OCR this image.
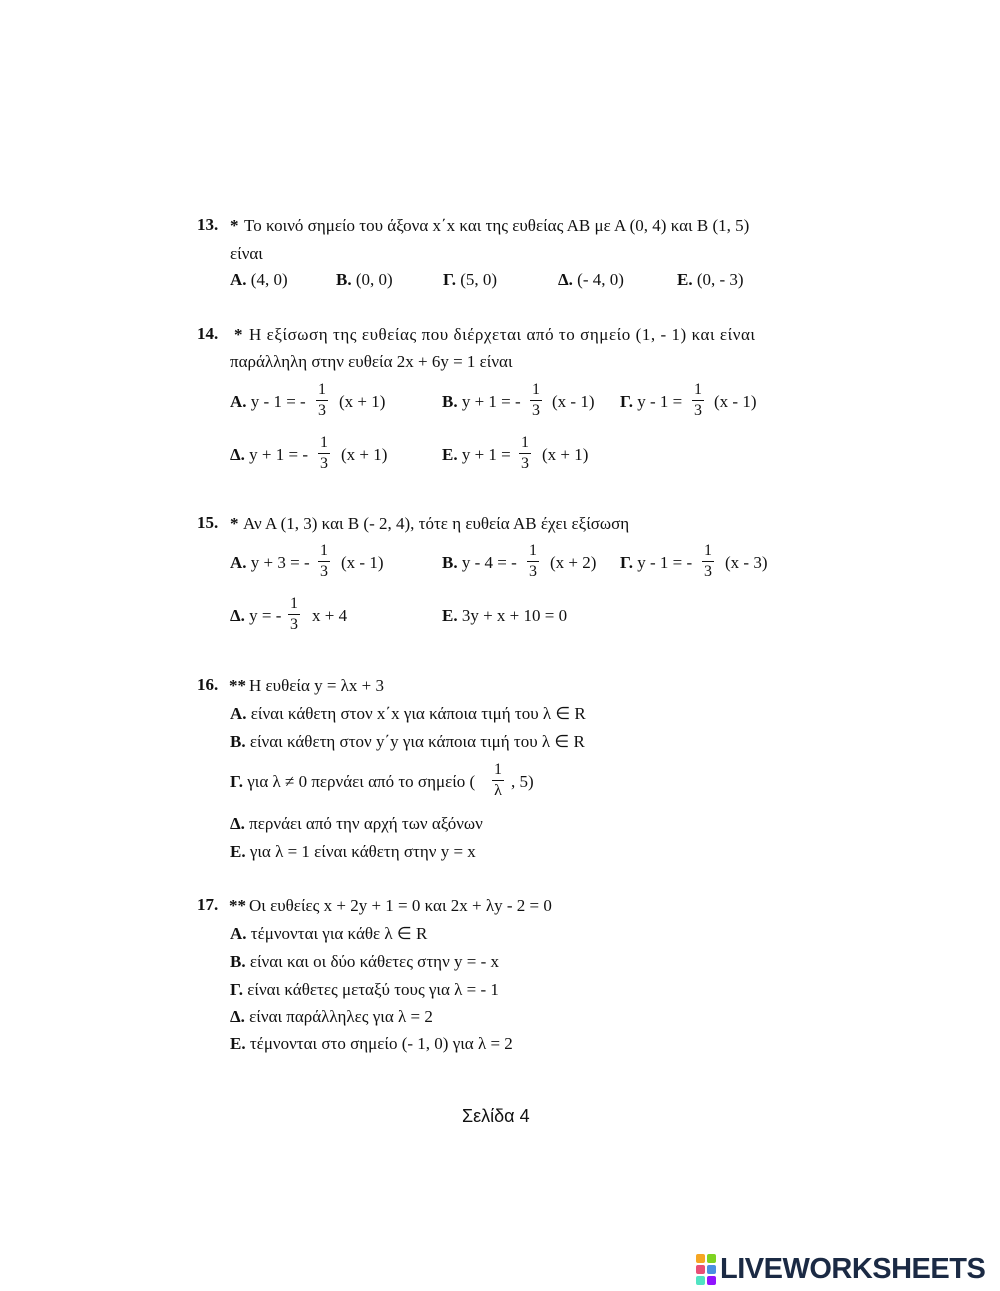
13. * Το κοινό σημείο του άξονα x΄x και της ευθείας ΑΒ με Α (0, 4) και Β (1, 5)
είναι
Α. (4, 0)	Β. (0, 0)	Γ. (5, 0)	Δ. (- 4, 0)	Ε. (0, - 3)
14. * Η εξίσωση της ευθείας που διέρχεται από το σημείο (1, - 1) και είναι
παράλληλη στην ευθεία 2x + 6y = 1 είναι
Α. y - 1 = -
1
3 (x + 1)	Β. y + 1 = -
1
3 (x - 1) Γ. y - 1 =
1
3 (x - 1)
Δ. y + 1 = -
1
3 (x + 1)	Ε. y + 1 =
1
3 (x + 1)
15. * Αν Α (1, 3) και Β (- 2, 4), τότε η ευθεία ΑΒ έχει εξίσωση
Α. y + 3 = -
1
3 (x - 1)	Β. y - 4 = -
1
3 (x + 2) Γ. y - 1 = -
1
3 (x - 3)
Δ. y = -
1
3 x + 4	Ε. 3y + x + 10 = 0
16. ** Η ευθεία y = λx + 3
Α. είναι κάθετη στον x΄x για κάποια τιμή του λ ∈ R
Β. είναι κάθετη στον y΄y για κάποια τιμή του λ ∈ R
Γ. για λ ≠ 0 περνάει από το σημείο (
1
λ , 5)
Δ. περνάει από την αρχή των αξόνων
Ε. για λ = 1 είναι κάθετη στην y = x
17. ** Οι ευθείες x + 2y + 1 = 0 και 2x + λy - 2 = 0
Α. τέμνονται για κάθε λ ∈ R
Β. είναι και οι δύο κάθετες στην y = - x
Γ. είναι κάθετες μεταξύ τους για λ = - 1
Δ. είναι παράλληλες για λ = 2
Ε. τέμνονται στο σημείο (- 1, 0) για λ = 2
Σελίδα 4
LIVEWORKSHEETS
